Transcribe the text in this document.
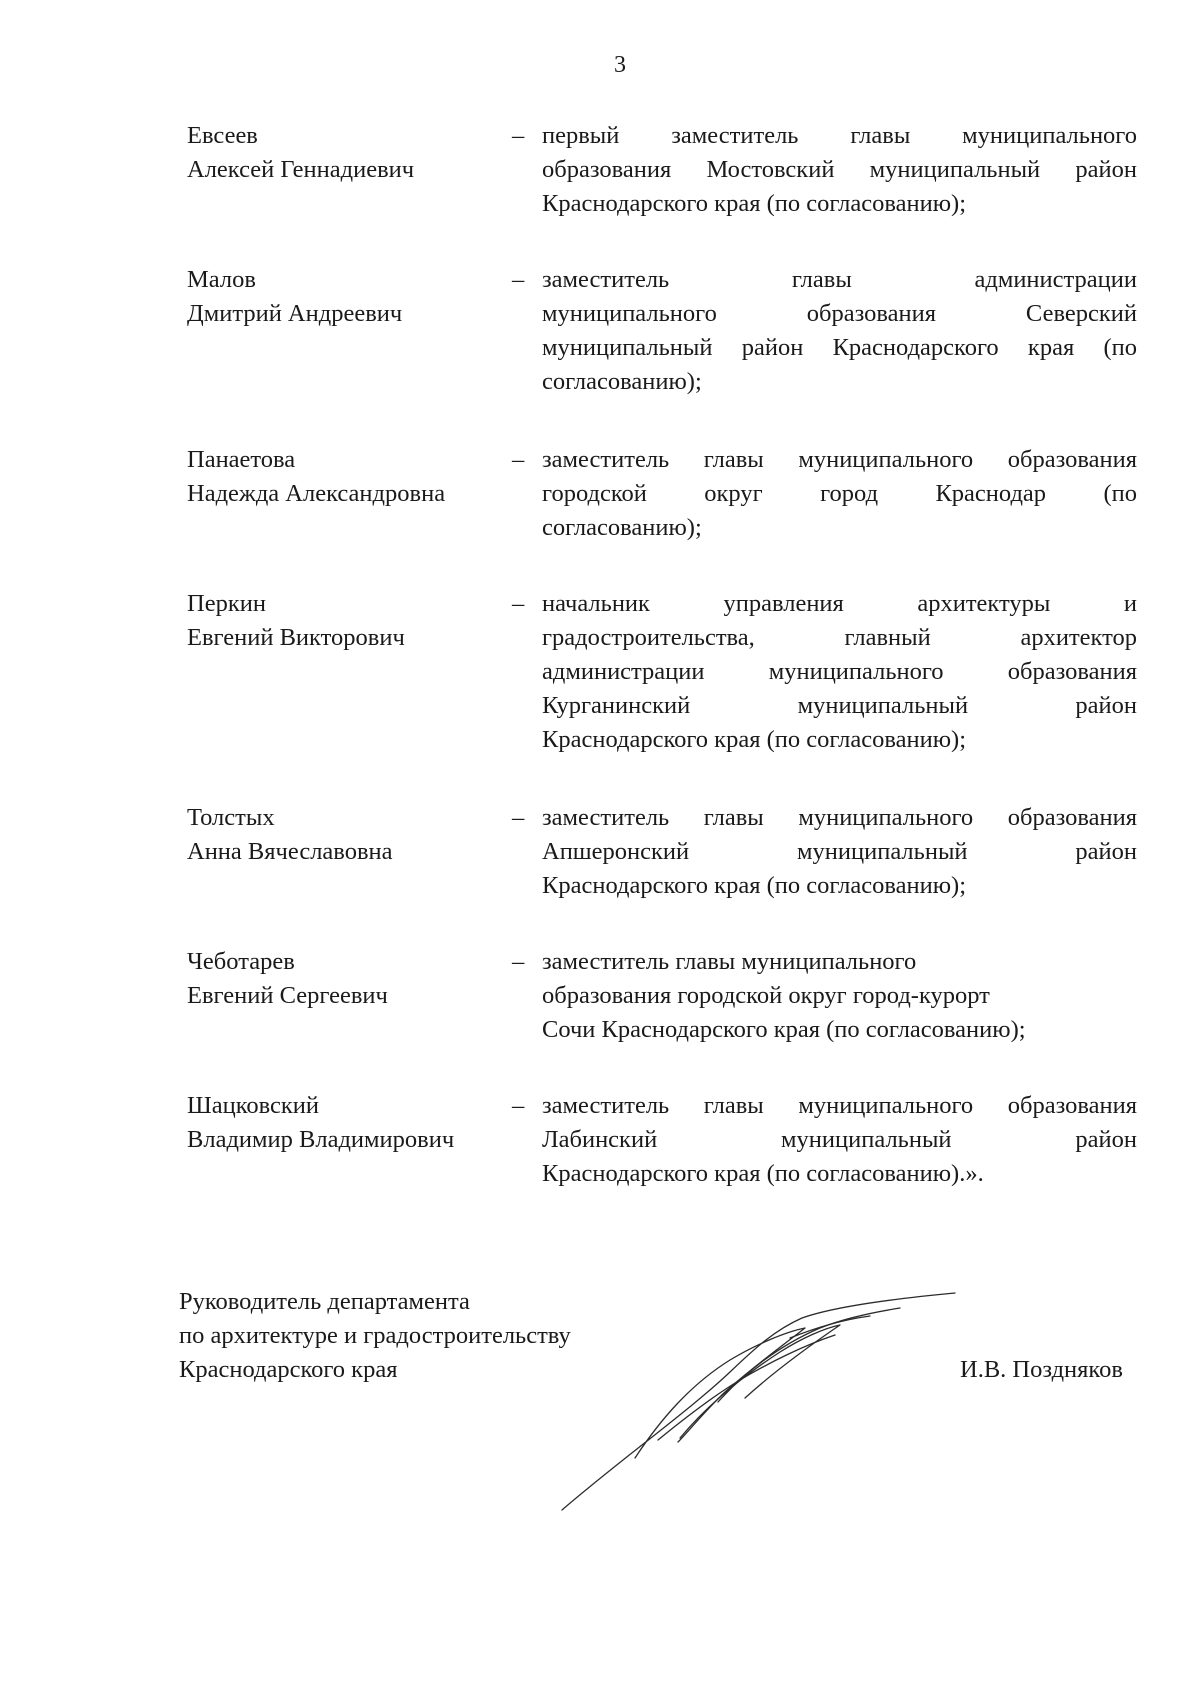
3
Евсеев
Алексей Геннадиевич
– первый заместитель главы муниципального
образования Мостовский муниципальный район
Краснодарского края (по согласованию);
Малов
Дмитрий Андреевич
– заместитель главы администрации
муниципального образования Северский
муниципальный район Краснодарского края (по
согласованию);
Панаетова
Надежда Александровна
– заместитель главы муниципального образования
городской округ город Краснодар (по
согласованию);
Перкин
Евгений Викторович
– начальник управления архитектуры и
градостроительства, главный архитектор
администрации муниципального образования
Курганинский муниципальный район
Краснодарского края (по согласованию);
Толстых
Анна Вячеславовна
– заместитель главы муниципального образования
Апшеронский муниципальный район
Краснодарского края (по согласованию);
Чеботарев
Евгений Сергеевич
– заместитель главы муниципального
образования городской округ город-курорт
Сочи Краснодарского края (по согласованию);
Шацковский
Владимир Владимирович
– заместитель главы муниципального образования
Лабинский муниципальный район
Краснодарского края (по согласованию).».
Руководитель департамента
по архитектуре и градостроительству
Краснодарского края	И.В. Поздняков
